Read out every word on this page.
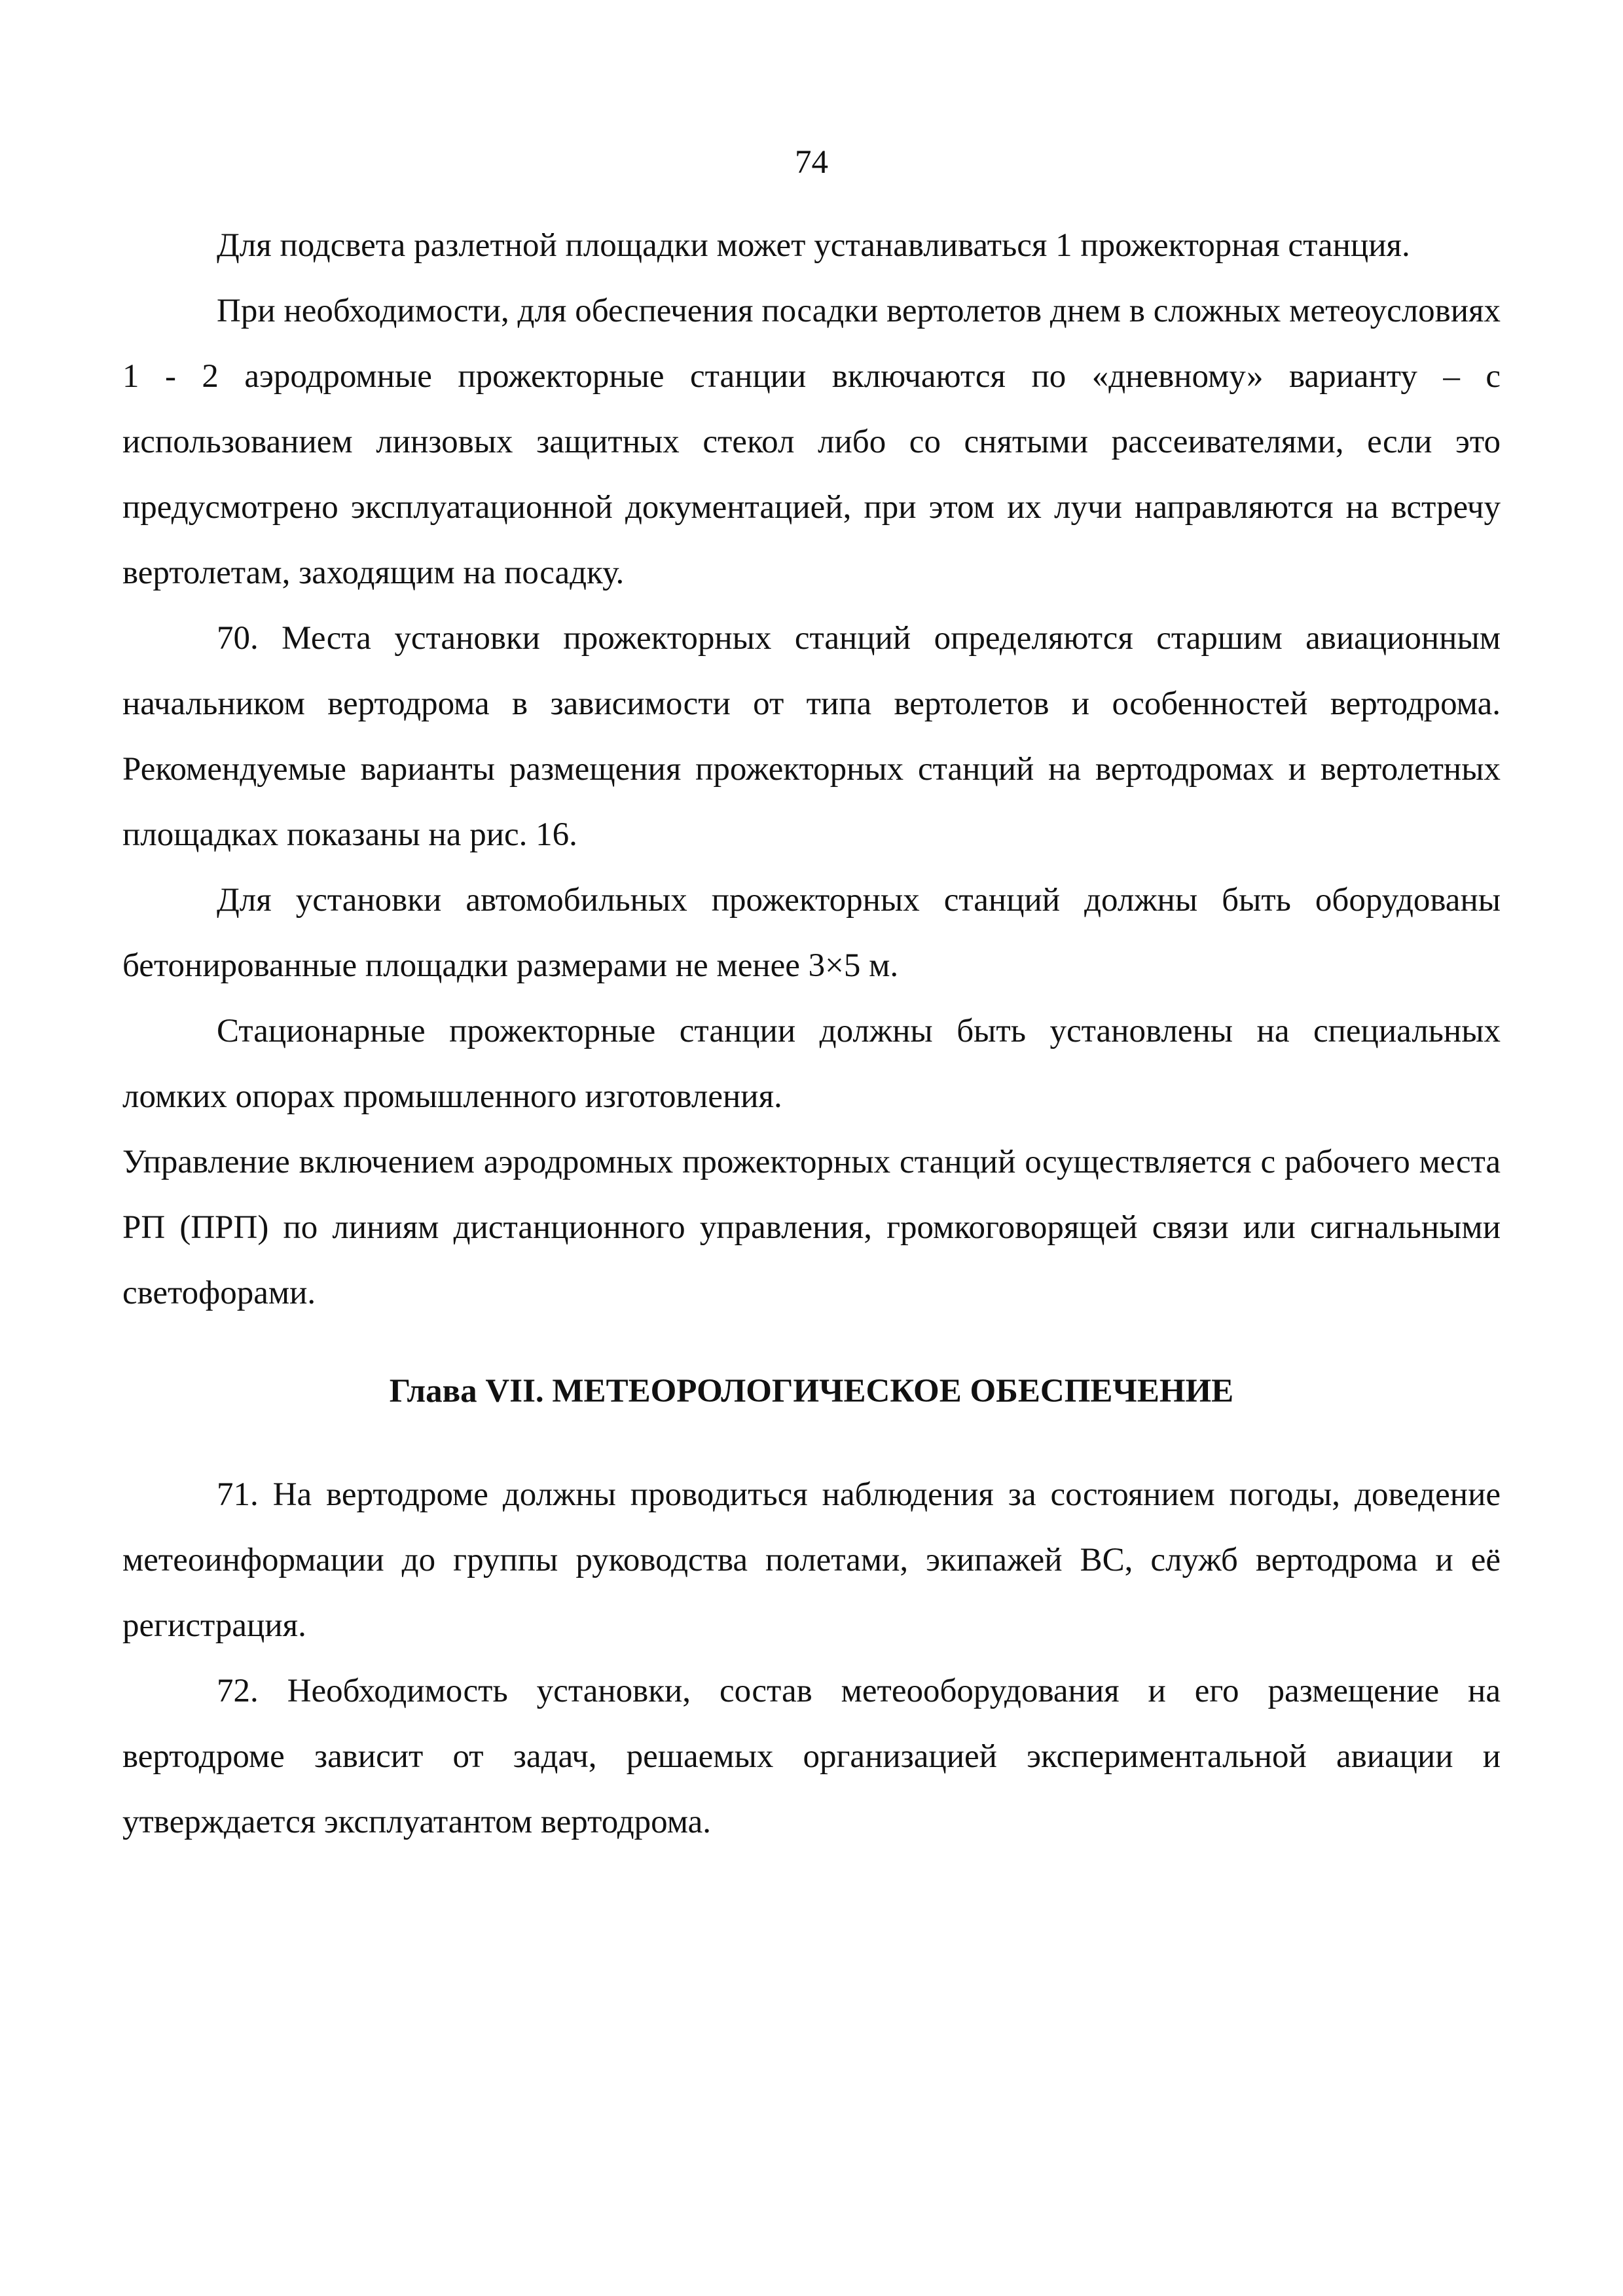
74

Для подсвета разлетной площадки может устанавливаться 1 прожекторная станция.

При необходимости, для обеспечения посадки вертолетов днем в сложных метеоусловиях 1 - 2 аэродромные прожекторные станции включаются по «дневному» варианту – с использованием линзовых защитных стекол либо со снятыми рассеивателями, если это предусмотрено эксплуатационной документацией, при этом их лучи направляются на встречу вертолетам, заходящим на посадку.

70. Места установки прожекторных станций определяются старшим авиационным начальником вертодрома в зависимости от типа вертолетов и особенностей вертодрома. Рекомендуемые варианты размещения прожекторных станций на вертодромах и вертолетных площадках показаны на рис. 16.

Для установки автомобильных прожекторных станций должны быть оборудованы бетонированные площадки размерами не менее 3×5 м.

Стационарные прожекторные станции должны быть установлены на специальных ломких опорах промышленного изготовления.

Управление включением аэродромных прожекторных станций осуществляется с рабочего места РП (ПРП) по линиям дистанционного управления, громкоговорящей связи или сигнальными светофорами.

Глава VII. МЕТЕОРОЛОГИЧЕСКОЕ ОБЕСПЕЧЕНИЕ

71. На вертодроме должны проводиться наблюдения за состоянием погоды, доведение метеоинформации до группы руководства полетами, экипажей ВС, служб вертодрома и её регистрация.

72. Необходимость установки, состав метеооборудования и его размещение на вертодроме зависит от задач, решаемых организацией экспериментальной авиации и утверждается эксплуатантом вертодрома.
